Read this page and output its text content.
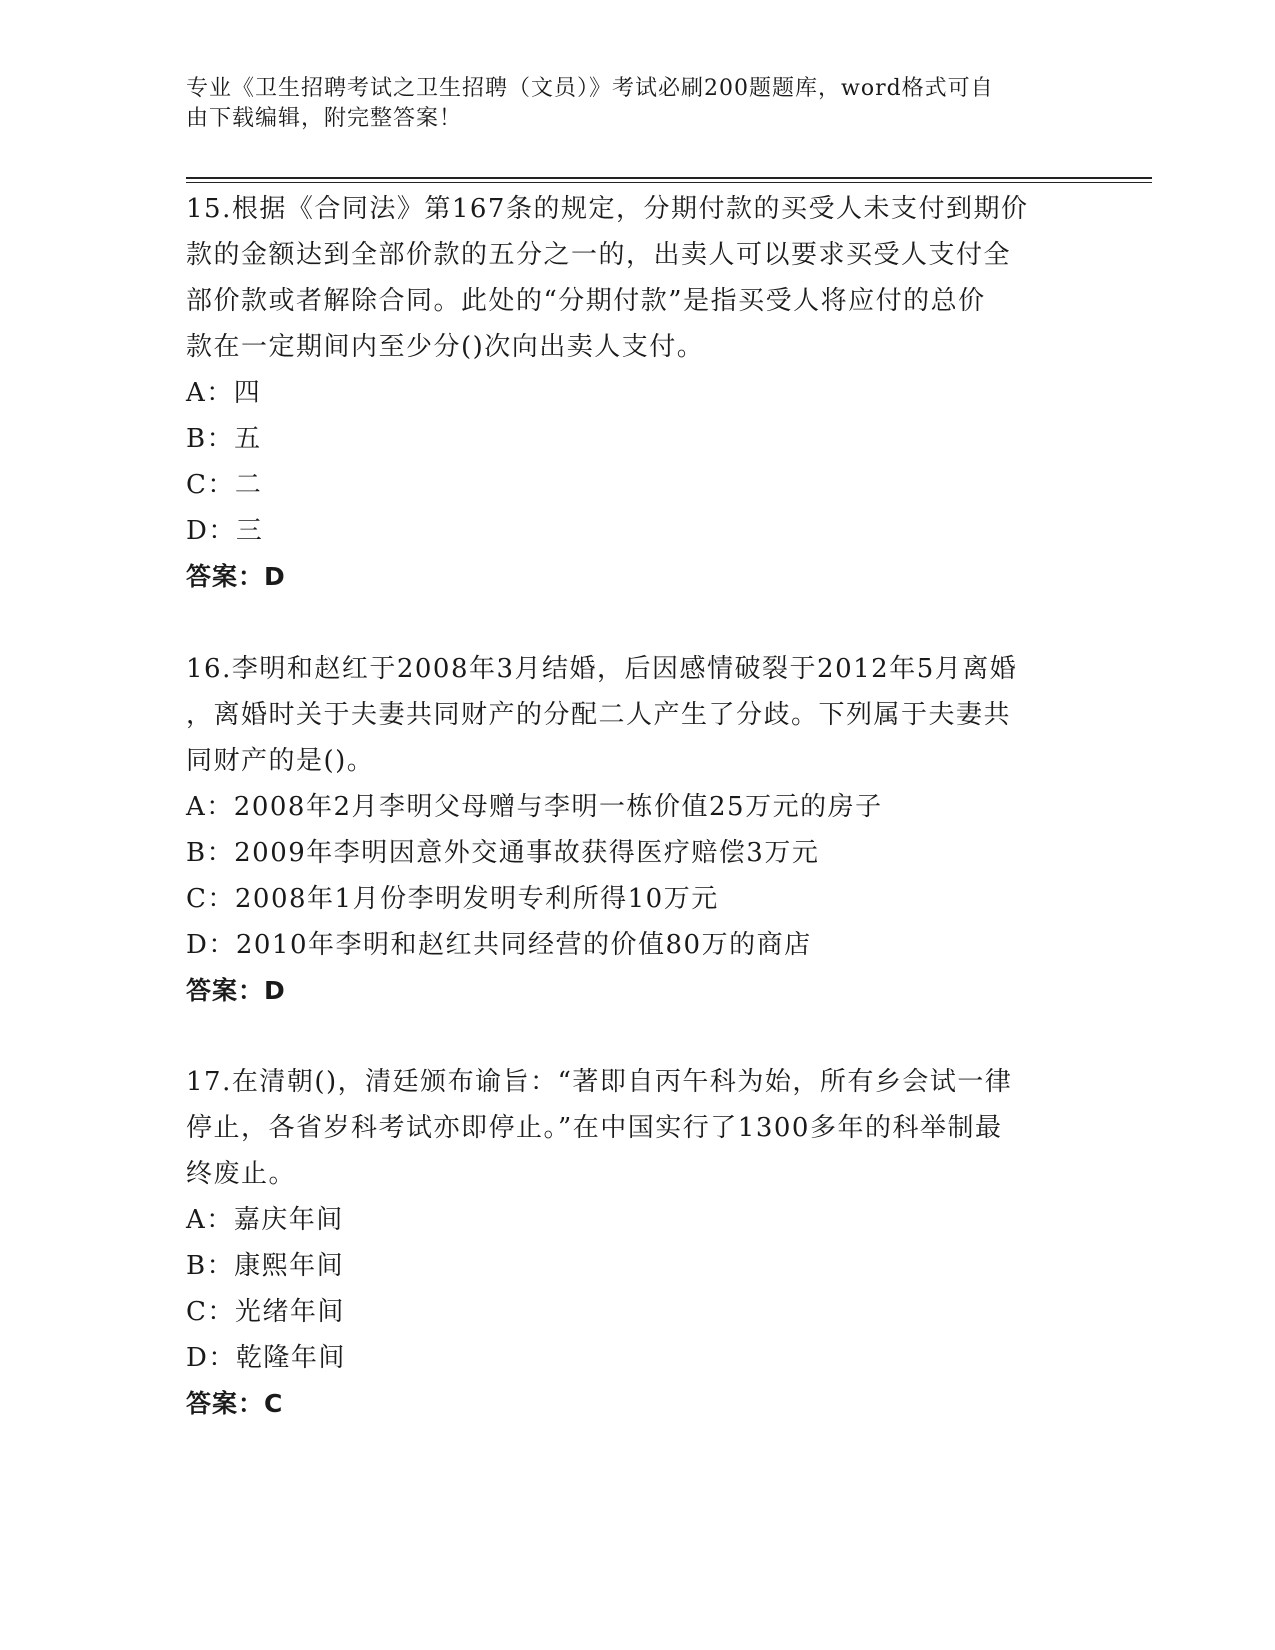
专业《卫生招聘考试之卫生招聘（文员）》考试必刷200题题库，word格式可自
由下载编辑，附完整答案！
15.根据《合同法》第167条的规定，分期付款的买受人未支付到期价
款的金额达到全部价款的五分之一的，出卖人可以要求买受人支付全
部价款或者解除合同。此处的“分期付款”是指买受人将应付的总价
款在一定期间内至少分()次向出卖人支付。
A：四
B：五
C：二
D：三
答案：D
16.李明和赵红于2008年3月结婚，后因感情破裂于2012年5月离婚
，离婚时关于夫妻共同财产的分配二人产生了分歧。下列属于夫妻共
同财产的是()。
A：2008年2月李明父母赠与李明一栋价值25万元的房子
B：2009年李明因意外交通事故获得医疗赔偿3万元
C：2008年1月份李明发明专利所得10万元
D：2010年李明和赵红共同经营的价值80万的商店
答案：D
17.在清朝()，清廷颁布谕旨：“著即自丙午科为始，所有乡会试一律
停止，各省岁科考试亦即停止。”在中国实行了1300多年的科举制最
终废止。
A：嘉庆年间
B：康熙年间
C：光绪年间
D：乾隆年间
答案：C
